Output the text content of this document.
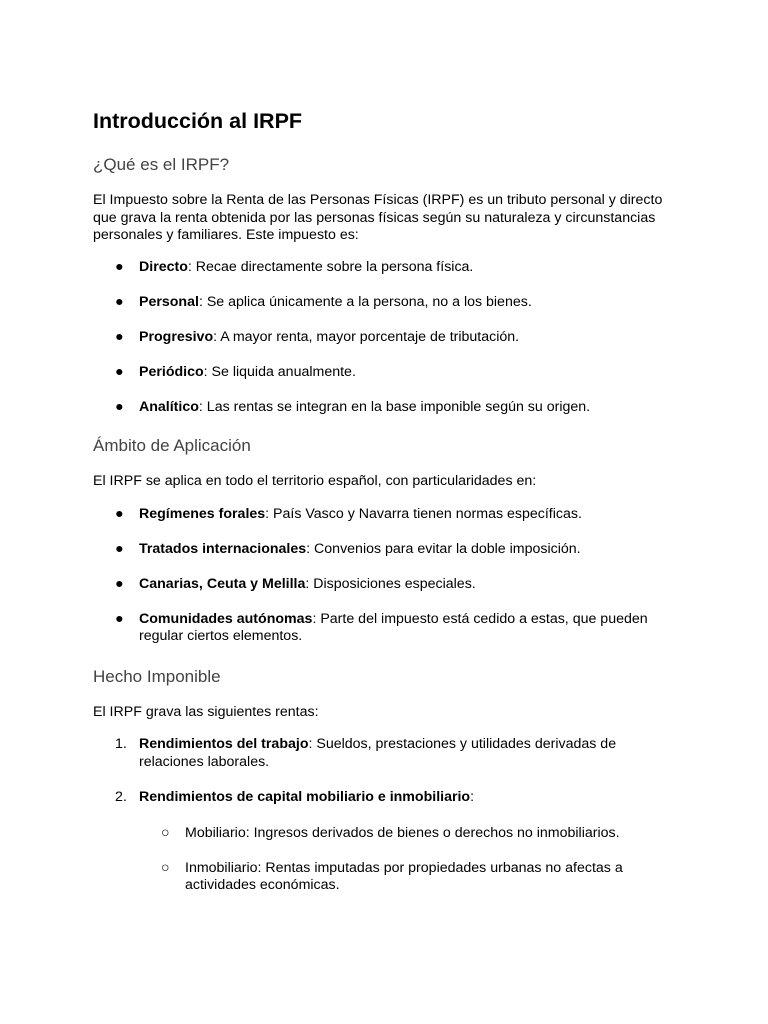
Introducción al IRPF
¿Qué es el IRPF?

El Impuesto sobre la Renta de las Personas Físicas (IRPF) es un tributo personal y directo que grava la renta obtenida por las personas físicas según su naturaleza y circunstancias personales y familiares. Este impuesto es:

●	Directo: Recae directamente sobre la persona física.
●	Personal: Se aplica únicamente a la persona, no a los bienes.
●	Progresivo: A mayor renta, mayor porcentaje de tributación.
●	Periódico: Se liquida anualmente.
●	Analítico: Las rentas se integran en la base imponible según su origen.
Ámbito de Aplicación

El IRPF se aplica en todo el territorio español, con particularidades en:

●	Regímenes forales: País Vasco y Navarra tienen normas específicas.
●	Tratados internacionales: Convenios para evitar la doble imposición.
●	Canarias, Ceuta y Melilla: Disposiciones especiales.
●	Comunidades autónomas: Parte del impuesto está cedido a estas, que pueden regular ciertos elementos.
Hecho Imponible

El IRPF grava las siguientes rentas:

1. Rendimientos del trabajo: Sueldos, prestaciones y utilidades derivadas de relaciones laborales.
2. Rendimientos de capital mobiliario e inmobiliario:
○ Mobiliario: Ingresos derivados de bienes o derechos no inmobiliarios.
○ Inmobiliario: Rentas imputadas por propiedades urbanas no afectas a actividades económicas.
